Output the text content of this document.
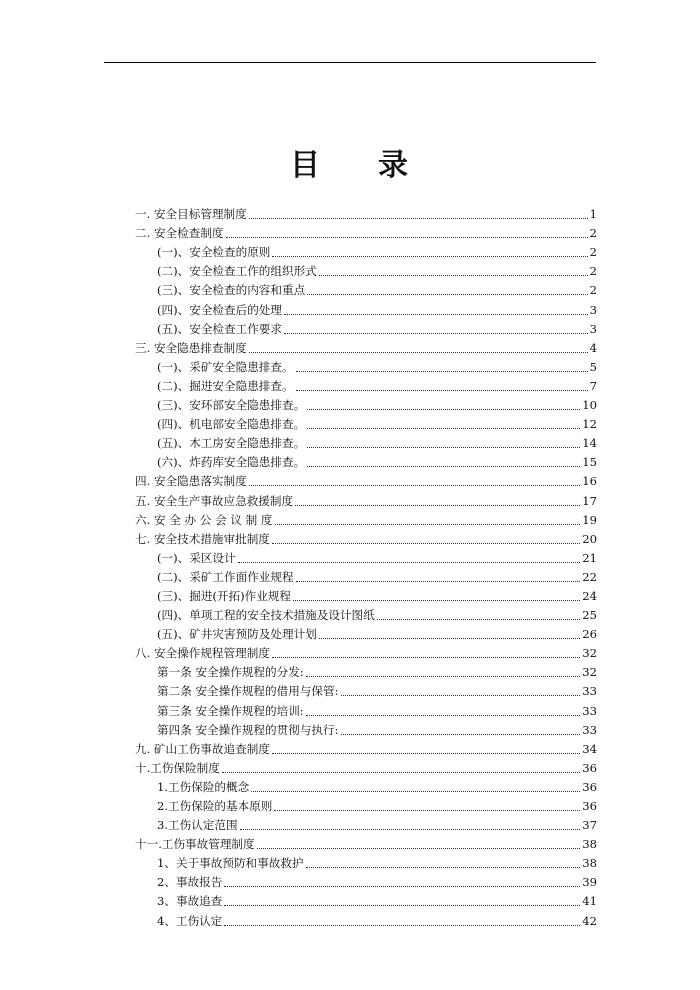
目 录
一. 安全目标管理制度	1
二. 安全检查制度	2
(一)、安全检查的原则	2
(二)、安全检查工作的组织形式	2
(三)、安全检查的内容和重点	2
(四)、安全检查后的处理	3
(五)、安全检查工作要求	3
三. 安全隐患排查制度	4
(一)、采矿安全隐患排查。	5
(二)、掘进安全隐患排查。	7
(三)、安环部安全隐患排查。	10
(四)、机电部安全隐患排查。	12
(五)、木工房安全隐患排查。	14
(六)、炸药库安全隐患排查。	15
四. 安全隐患落实制度	16
五. 安全生产事故应急救援制度	17
六. 安 全 办 公 会 议 制 度	19
七. 安全技术措施审批制度	20
(一)、采区设计	21
(二)、采矿工作面作业规程	22
(三)、掘进(开拓)作业规程	24
(四)、单项工程的安全技术措施及设计图纸	25
(五)、矿井灾害预防及处理计划	26
八. 安全操作规程管理制度	32
第一条 安全操作规程的分发:	32
第二条 安全操作规程的借用与保管:	33
第三条 安全操作规程的培训:	33
第四条 安全操作规程的贯彻与执行:	33
九. 矿山工伤事故追查制度	34
十.工伤保险制度	36
1.工伤保险的概念	36
2.工伤保险的基本原则	36
3.工伤认定范围	37
十一.工伤事故管理制度	38
1、关于事故预防和事故救护	38
2、事故报告	39
3、事故追查	41
4、工伤认定	42
